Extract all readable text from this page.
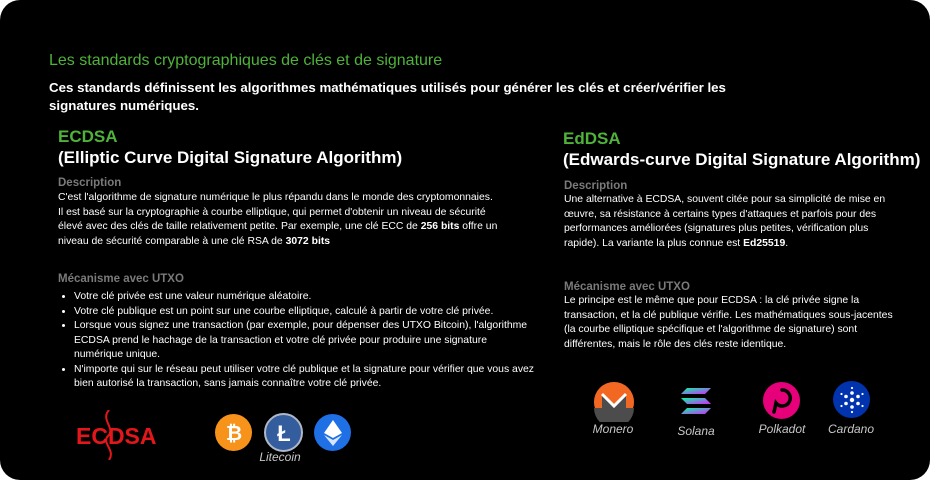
Les standards cryptographiques de clés et de signature
Ces standards définissent les algorithmes mathématiques utilisés pour générer les clés et créer/vérifier les signatures numériques.
ECDSA
(Elliptic Curve Digital Signature Algorithm)
Description
C'est l'algorithme de signature numérique le plus répandu dans le monde des cryptomonnaies. Il est basé sur la cryptographie à courbe elliptique, qui permet d'obtenir un niveau de sécurité élevé avec des clés de taille relativement petite. Par exemple, une clé ECC de 256 bits offre un niveau de sécurité comparable à une clé RSA de 3072 bits
Mécanisme avec UTXO
• Votre clé privée est une valeur numérique aléatoire.
• Votre clé publique est un point sur une courbe elliptique, calculé à partir de votre clé privée.
• Lorsque vous signez une transaction (par exemple, pour dépenser des UTXO Bitcoin), l'algorithme ECDSA prend le hachage de la transaction et votre clé privée pour produire une signature numérique unique.
• N'importe qui sur le réseau peut utiliser votre clé publique et la signature pour vérifier que vous avez bien autorisé la transaction, sans jamais connaître votre clé privée.
ECDSA	₿ Ł
Litecoin
EdDSA
(Edwards-curve Digital Signature Algorithm)
Description
Une alternative à ECDSA, souvent citée pour sa simplicité de mise en œuvre, sa résistance à certains types d'attaques et parfois pour des performances améliorées (signatures plus petites, vérification plus rapide). La variante la plus connue est Ed25519.
Mécanisme avec UTXO
Le principe est le même que pour ECDSA : la clé privée signe la transaction, et la clé publique vérifie. Les mathématiques sous-jacentes (la courbe elliptique spécifique et l'algorithme de signature) sont différentes, mais le rôle des clés reste identique.
Monero	Solana	Polkadot	Cardano
